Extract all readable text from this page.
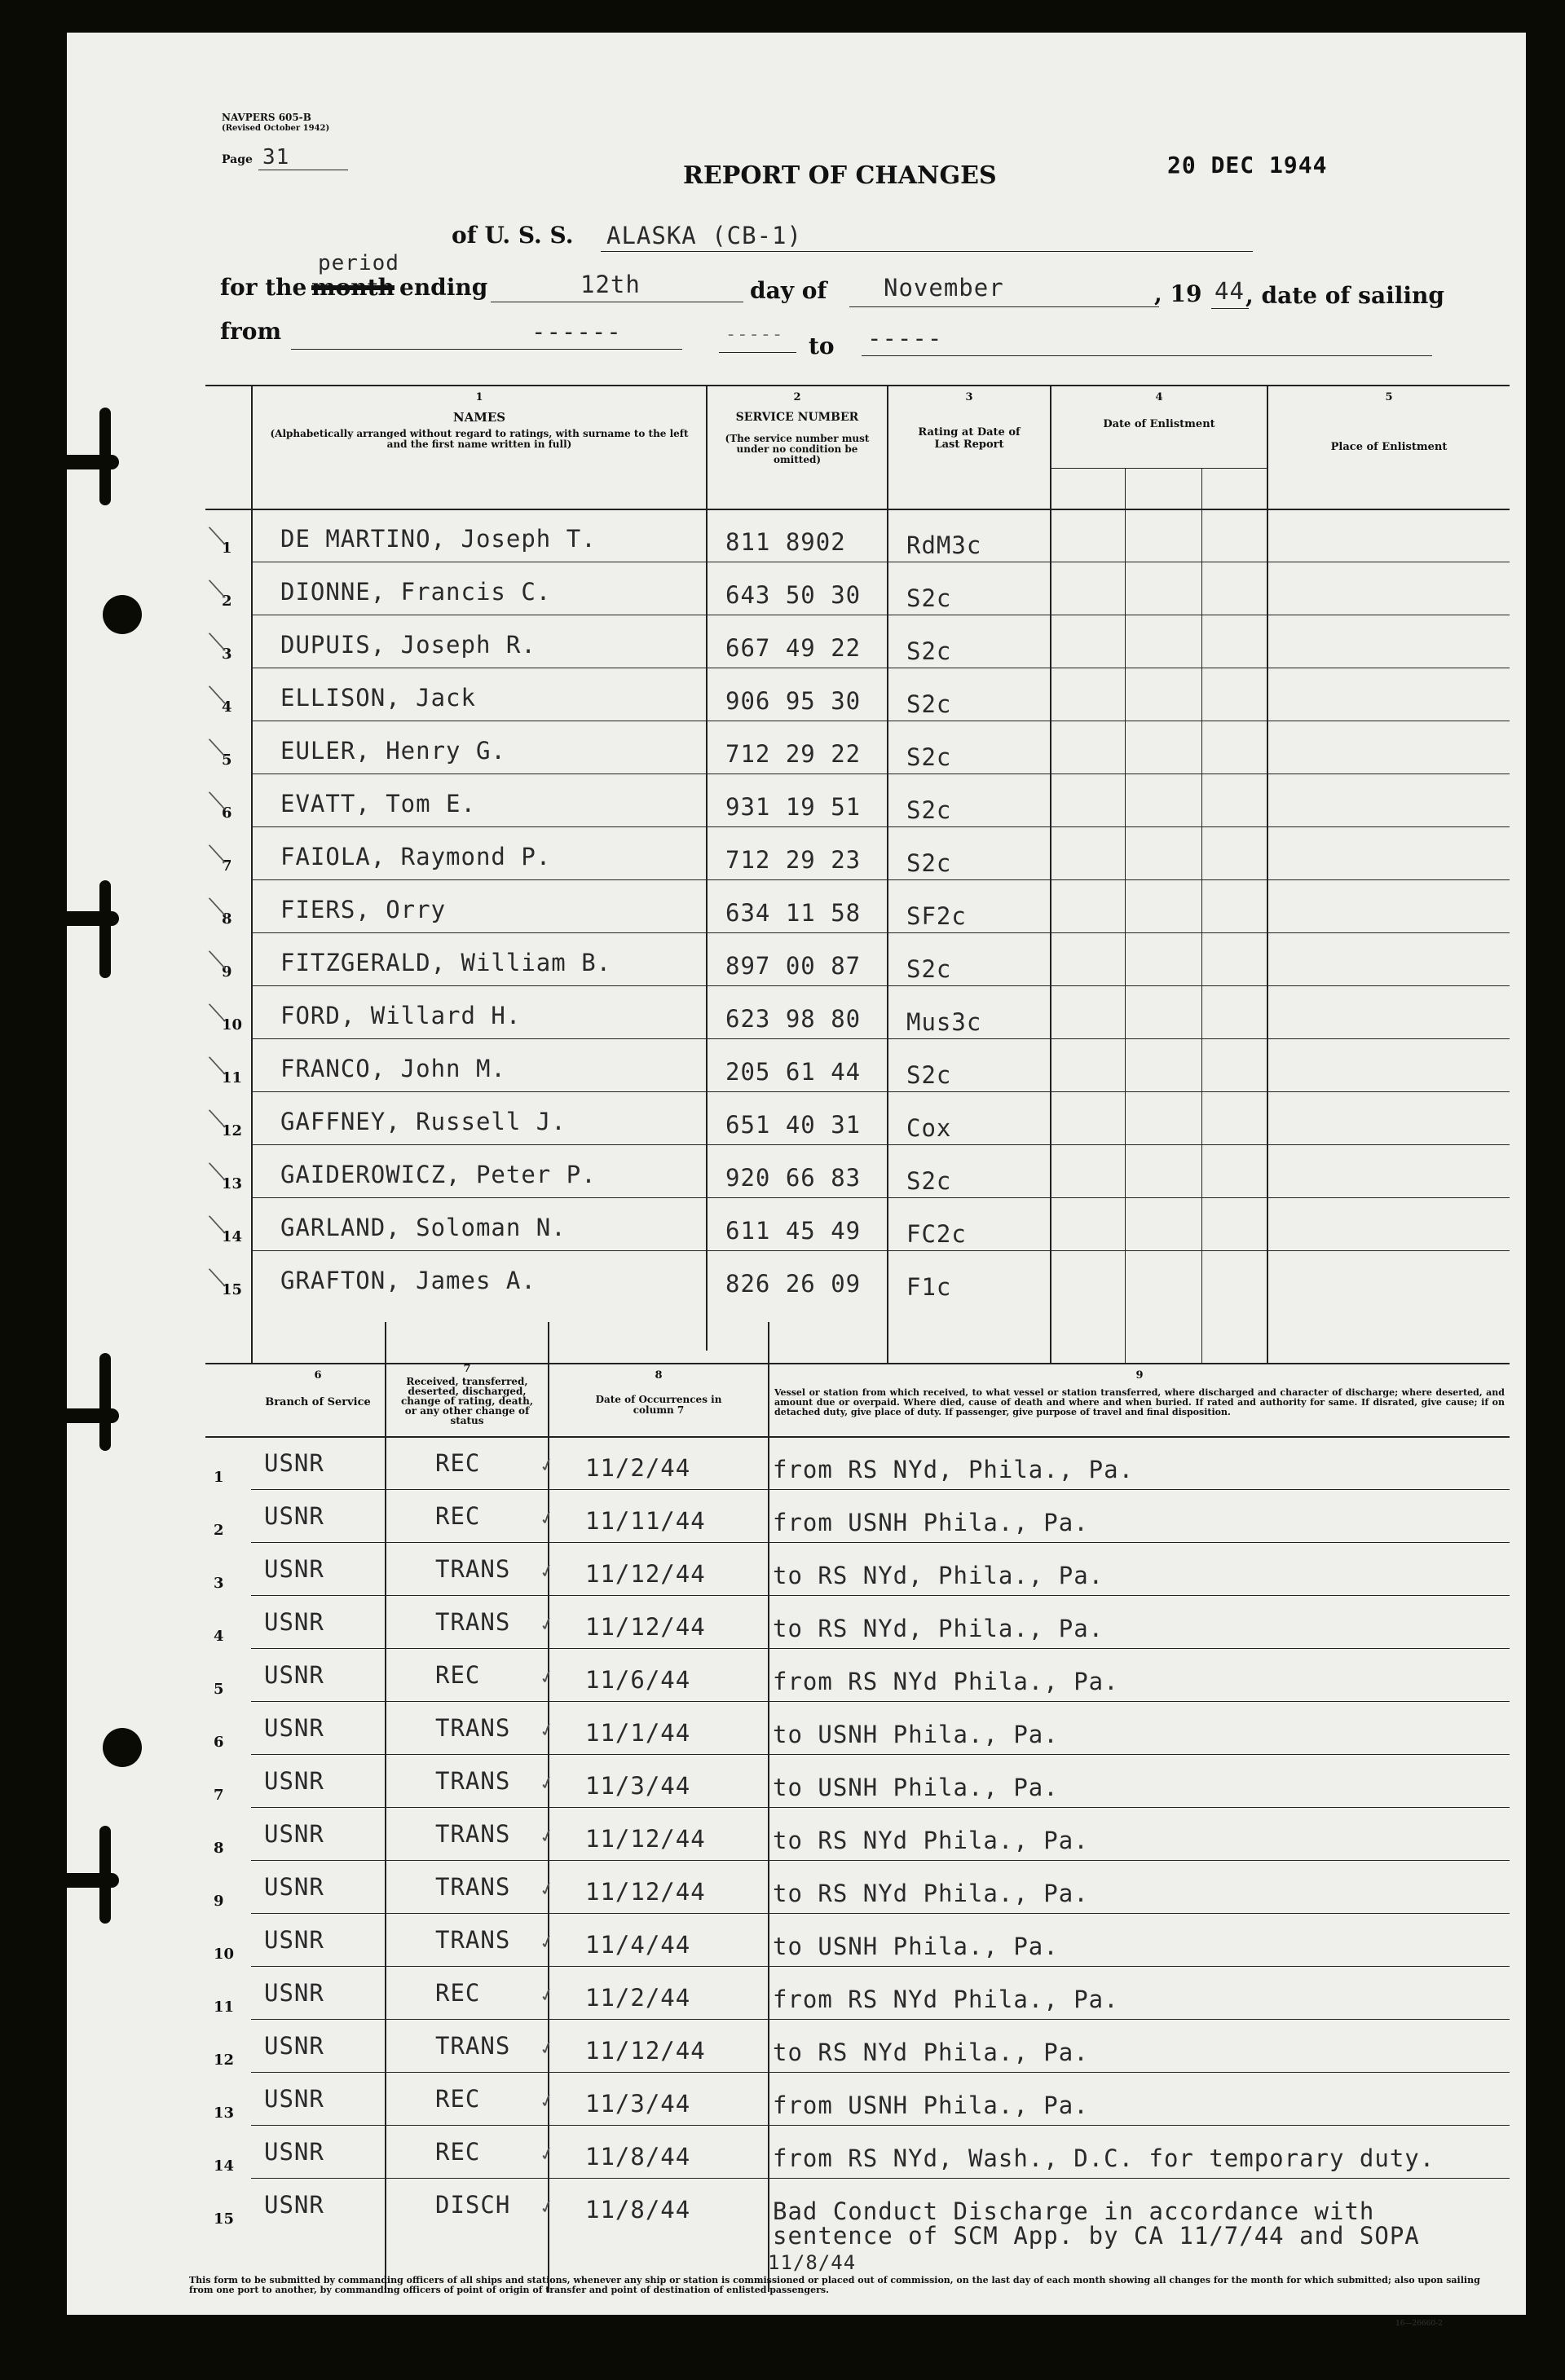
NAVPERS 605-B
(Revised October 1942)
Page 31
REPORT OF CHANGES	20 DEC 1944
of U. S. S. ALASKA (CB-1)
period
for the month ending	12th	day of November	, 19 44 , date of sailing
from	------	----- to -----
1
NAMES
(Alphabetically arranged without regard to ratings, with surname to the left and the first name written in full)
2
SERVICE NUMBER
(The service number must under no condition be omitted)
3
Rating at Date of Last Report
4
Date of Enlistment
5
Place of Enlistment
1
╲ DE MARTINO, Joseph T.	811 8902	RdM3c
2
╲ DIONNE, Francis C.	643 50 30 S2c
3
╲ DUPUIS, Joseph R.	667 49 22 S2c
4
╲ ELLISON, Jack	906 95 30 S2c
5
╲ EULER, Henry G.	712 29 22 S2c
6
╲ EVATT, Tom E.	931 19 51 S2c
7
╲ FAIOLA, Raymond P.	712 29 23 S2c
8
╲ FIERS, Orry	634 11 58 SF2c
9
╲ FITZGERALD, William B.	897 00 87 S2c
10
╲ FORD, Willard H.	623 98 80 Mus3c
11
╲ FRANCO, John M.	205 61 44 S2c
12
╲ GAFFNEY, Russell J.	651 40 31 Cox
13
╲ GAIDEROWICZ, Peter P.	920 66 83 S2c
14
╲ GARLAND, Soloman N.	611 45 49 FC2c
15
╲ GRAFTON, James A.	826 26 09 F1c
6
Branch of Service
7
Received, transferred, deserted, discharged, change of rating, death, or any other change of status
8
Date of Occurrences in column 7
9
Vessel or station from which received, to what vessel or station transferred, where discharged and character of discharge; where deserted, and amount due or overpaid. Where died, cause of death and where and when buried. If rated and authority for same. If disrated, give cause; if on detached duty, give place of duty. If passenger, give purpose of travel and final disposition.
1
USNR	REC	✓ 11/2/44	from RS NYd, Phila., Pa.
2
USNR	REC	✓ 11/11/44	from USNH Phila., Pa.
3
USNR	TRANS ✓ 11/12/44	to RS NYd, Phila., Pa.
4
USNR	TRANS ✓ 11/12/44	to RS NYd, Phila., Pa.
5
USNR	REC	✓ 11/6/44	from RS NYd Phila., Pa.
6
USNR	TRANS ✓ 11/1/44	to USNH Phila., Pa.
7
USNR	TRANS ✓ 11/3/44	to USNH Phila., Pa.
8
USNR	TRANS ✓ 11/12/44	to RS NYd Phila., Pa.
9
USNR	TRANS ✓ 11/12/44	to RS NYd Phila., Pa.
10
USNR	TRANS ✓ 11/4/44	to USNH Phila., Pa.
11
USNR	REC	✓ 11/2/44	from RS NYd Phila., Pa.
12
USNR	TRANS ✓ 11/12/44	to RS NYd Phila., Pa.
13
USNR	REC	✓ 11/3/44	from USNH Phila., Pa.
14
USNR	REC	✓ 11/8/44	from RS NYd, Wash., D.C. for temporary duty.
15
USNR	DISCH ✓ 11/8/44	Bad Conduct Discharge in accordance with
sentence of SCM App. by CA 11/7/44 and SOPA
11/8/44
This form to be submitted by commanding officers of all ships and stations, whenever any ship or station is commissioned or placed out of commission, on the last day of each month showing all changes for the month for which submitted; also upon sailing from one port to another, by commanding officers of point of origin of transfer and point of destination of enlisted passengers.
16—26660-2
